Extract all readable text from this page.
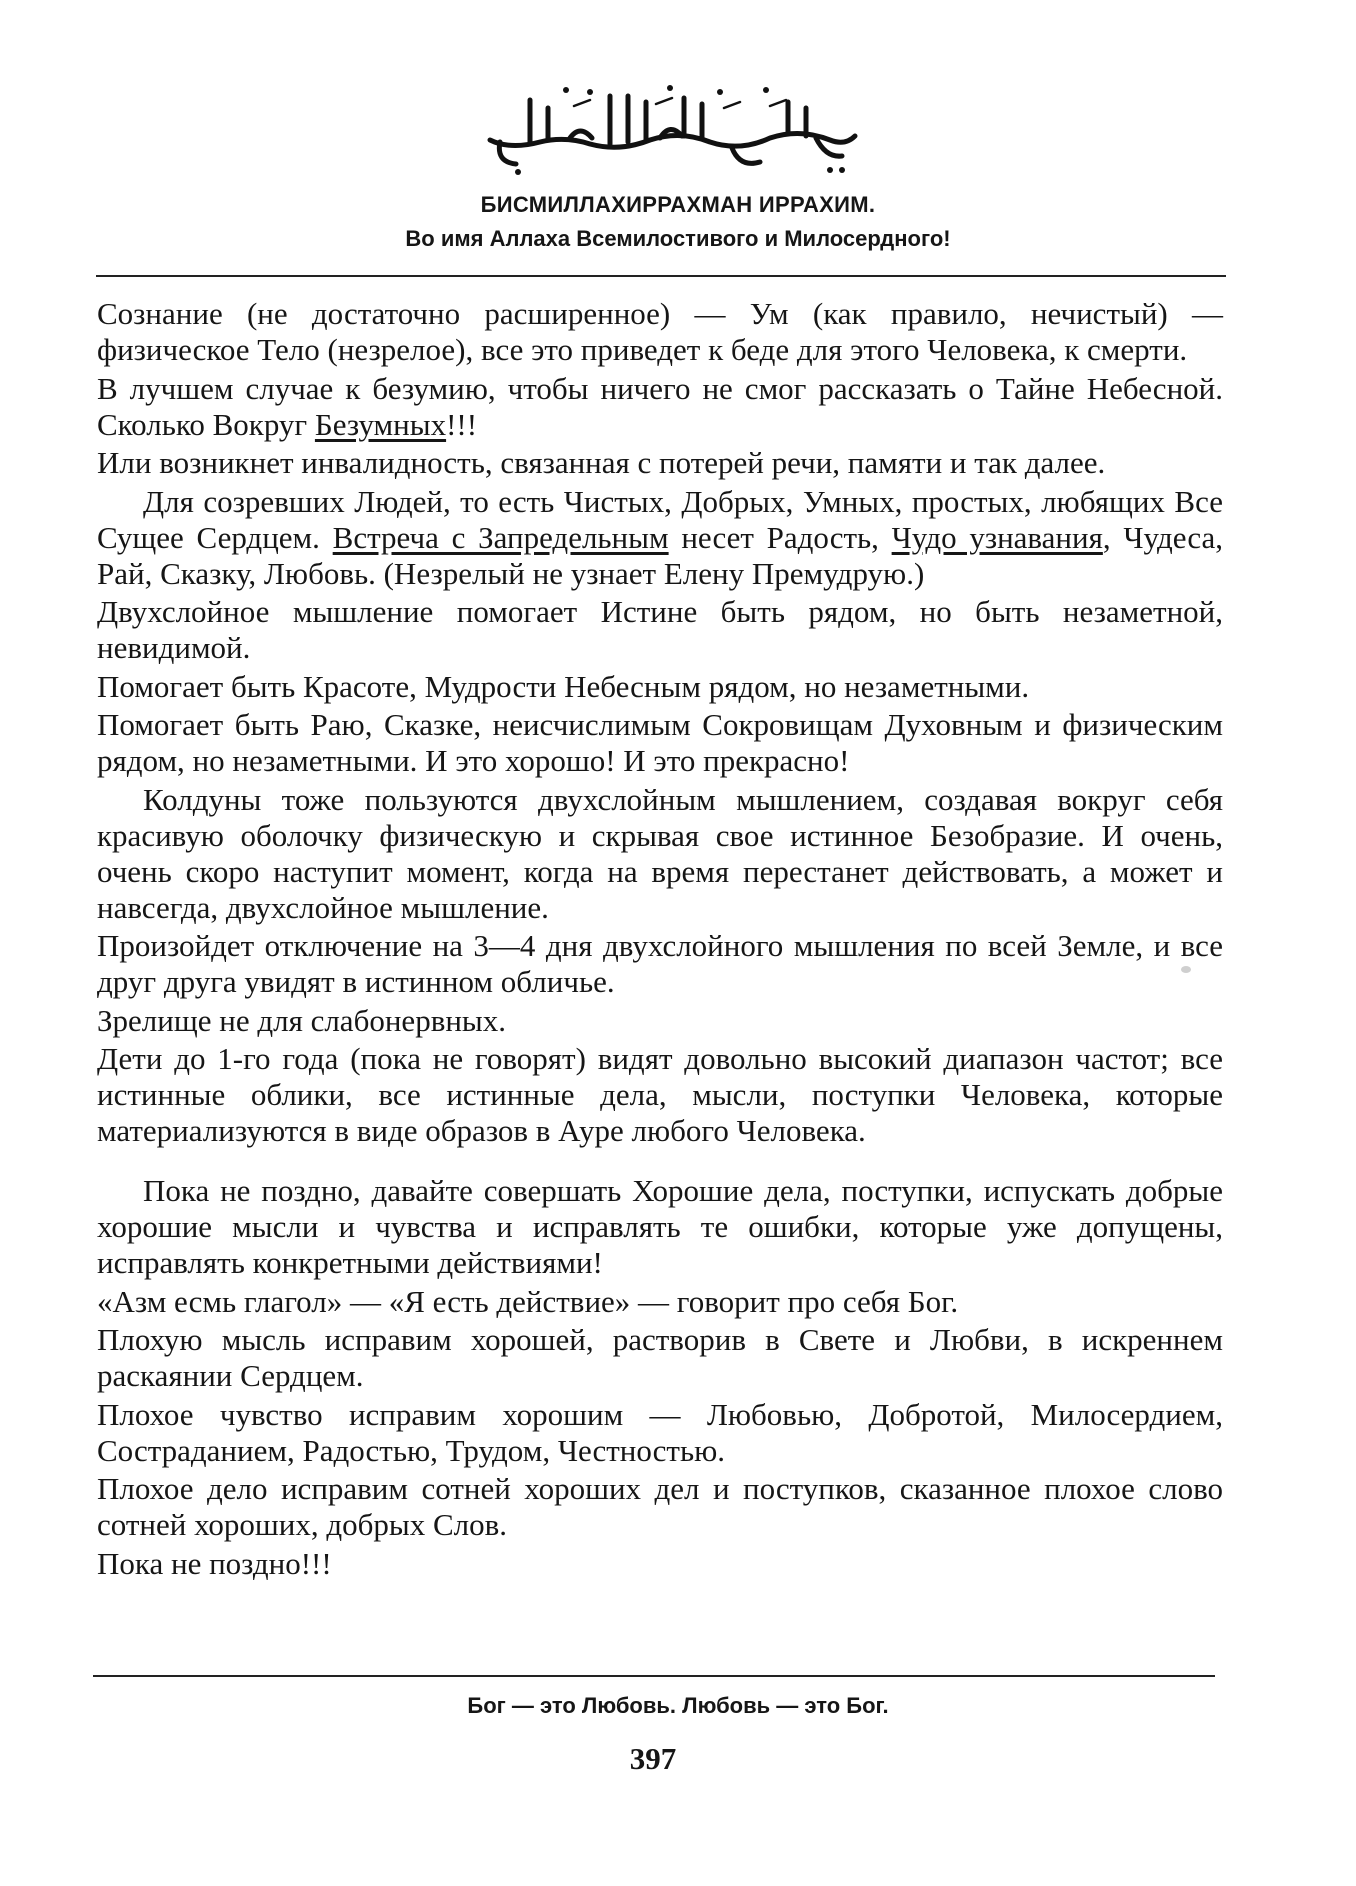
БИСМИЛЛАХИРРАХМАН ИРРАХИМ.
Во имя Аллаха Всемилостивого и Милосердного!

Сознание (не достаточно расширенное) — Ум (как правило, нечистый) — физическое Тело (незрелое), все это приведет к беде для этого Человека, к смерти.

В лучшем случае к безумию, чтобы ничего не смог рассказать о Тайне Небесной. Сколько Вокруг Безумных!!!

Или возникнет инвалидность, связанная с потерей речи, памяти и так далее.

Для созревших Людей, то есть Чистых, Добрых, Умных, простых, любящих Все Сущее Сердцем. Встреча с Запредельным несет Радость, Чудо узнавания, Чудеса, Рай, Сказку, Любовь. (Незрелый не узнает Елену Премудрую.)

Двухслойное мышление помогает Истине быть рядом, но быть незаметной, невидимой.

Помогает быть Красоте, Мудрости Небесным рядом, но незаметными.

Помогает быть Раю, Сказке, неисчислимым Сокровищам Духовным и физическим рядом, но незаметными. И это хорошо! И это прекрасно!

Колдуны тоже пользуются двухслойным мышлением, создавая вокруг себя красивую оболочку физическую и скрывая свое истинное Безобразие. И очень, очень скоро наступит момент, когда на время перестанет действовать, а может и навсегда, двухслойное мышление.

Произойдет отключение на 3—4 дня двухслойного мышления по всей Земле, и все друг друга увидят в истинном обличье.

Зрелище не для слабонервных.

Дети до 1-го года (пока не говорят) видят довольно высокий диапазон частот; все истинные облики, все истинные дела, мысли, поступки Человека, которые материализуются в виде образов в Ауре любого Человека.

Пока не поздно, давайте совершать Хорошие дела, поступки, испускать добрые хорошие мысли и чувства и исправлять те ошибки, которые уже допущены, исправлять конкретными действиями!

«Азм есмь глагол» — «Я есть действие» — говорит про себя Бог.

Плохую мысль исправим хорошей, растворив в Свете и Любви, в искреннем раскаянии Сердцем.

Плохое чувство исправим хорошим — Любовью, Добротой, Милосердием, Состраданием, Радостью, Трудом, Честностью.

Плохое дело исправим сотней хороших дел и поступков, сказанное плохое слово сотней хороших, добрых Слов.

Пока не поздно!!!

Бог — это Любовь. Любовь — это Бог.
397
